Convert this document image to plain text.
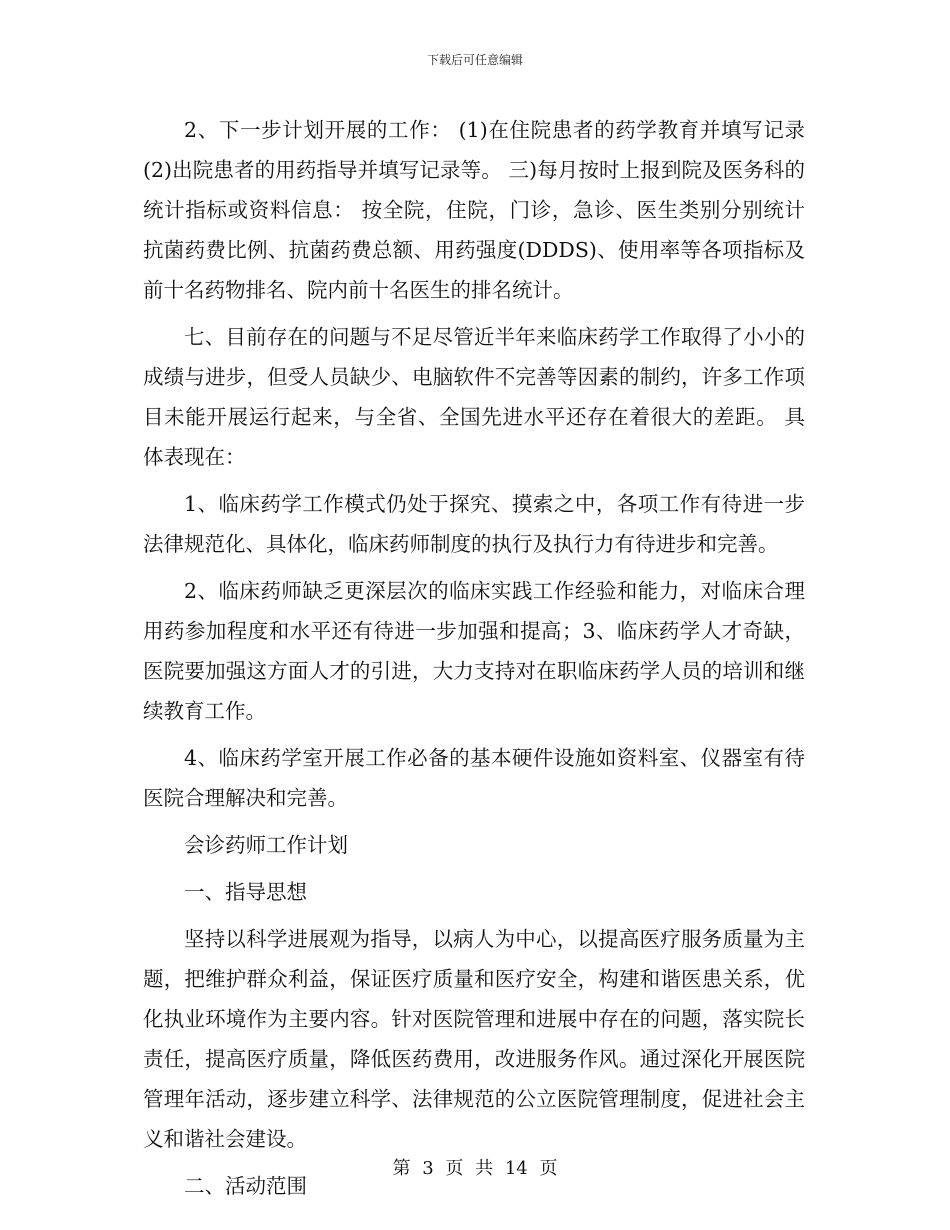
下载后可任意编辑

2、下一步计划开展的工作： (1)在住院患者的药学教育并填写记录 (2)出院患者的用药指导并填写记录等。 三)每月按时上报到院及医务科的统计指标或资料信息： 按全院，住院，门诊，急诊、医生类别分别统计抗菌药费比例、抗菌药费总额、用药强度(DDDS)、使用率等各项指标及前十名药物排名、院内前十名医生的排名统计。

七、目前存在的问题与不足尽管近半年来临床药学工作取得了小小的成绩与进步，但受人员缺少、电脑软件不完善等因素的制约，许多工作项目未能开展运行起来，与全省、全国先进水平还存在着很大的差距。 具体表现在：

1、临床药学工作模式仍处于探究、摸索之中，各项工作有待进一步法律规范化、具体化，临床药师制度的执行及执行力有待进步和完善。

2、临床药师缺乏更深层次的临床实践工作经验和能力，对临床合理用药参加程度和水平还有待进一步加强和提高；3、临床药学人才奇缺，医院要加强这方面人才的引进，大力支持对在职临床药学人员的培训和继续教育工作。

4、临床药学室开展工作必备的基本硬件设施如资料室、仪器室有待医院合理解决和完善。

会诊药师工作计划
一、指导思想

坚持以科学进展观为指导，以病人为中心，以提高医疗服务质量为主题，把维护群众利益，保证医疗质量和医疗安全，构建和谐医患关系，优化执业环境作为主要内容。针对医院管理和进展中存在的问题，落实院长责任，提高医疗质量，降低医药费用，改进服务作风。通过深化开展医院管理年活动，逐步建立科学、法律规范的公立医院管理制度，促进社会主义和谐社会建设。

二、活动范围
第 3 页 共 14 页
